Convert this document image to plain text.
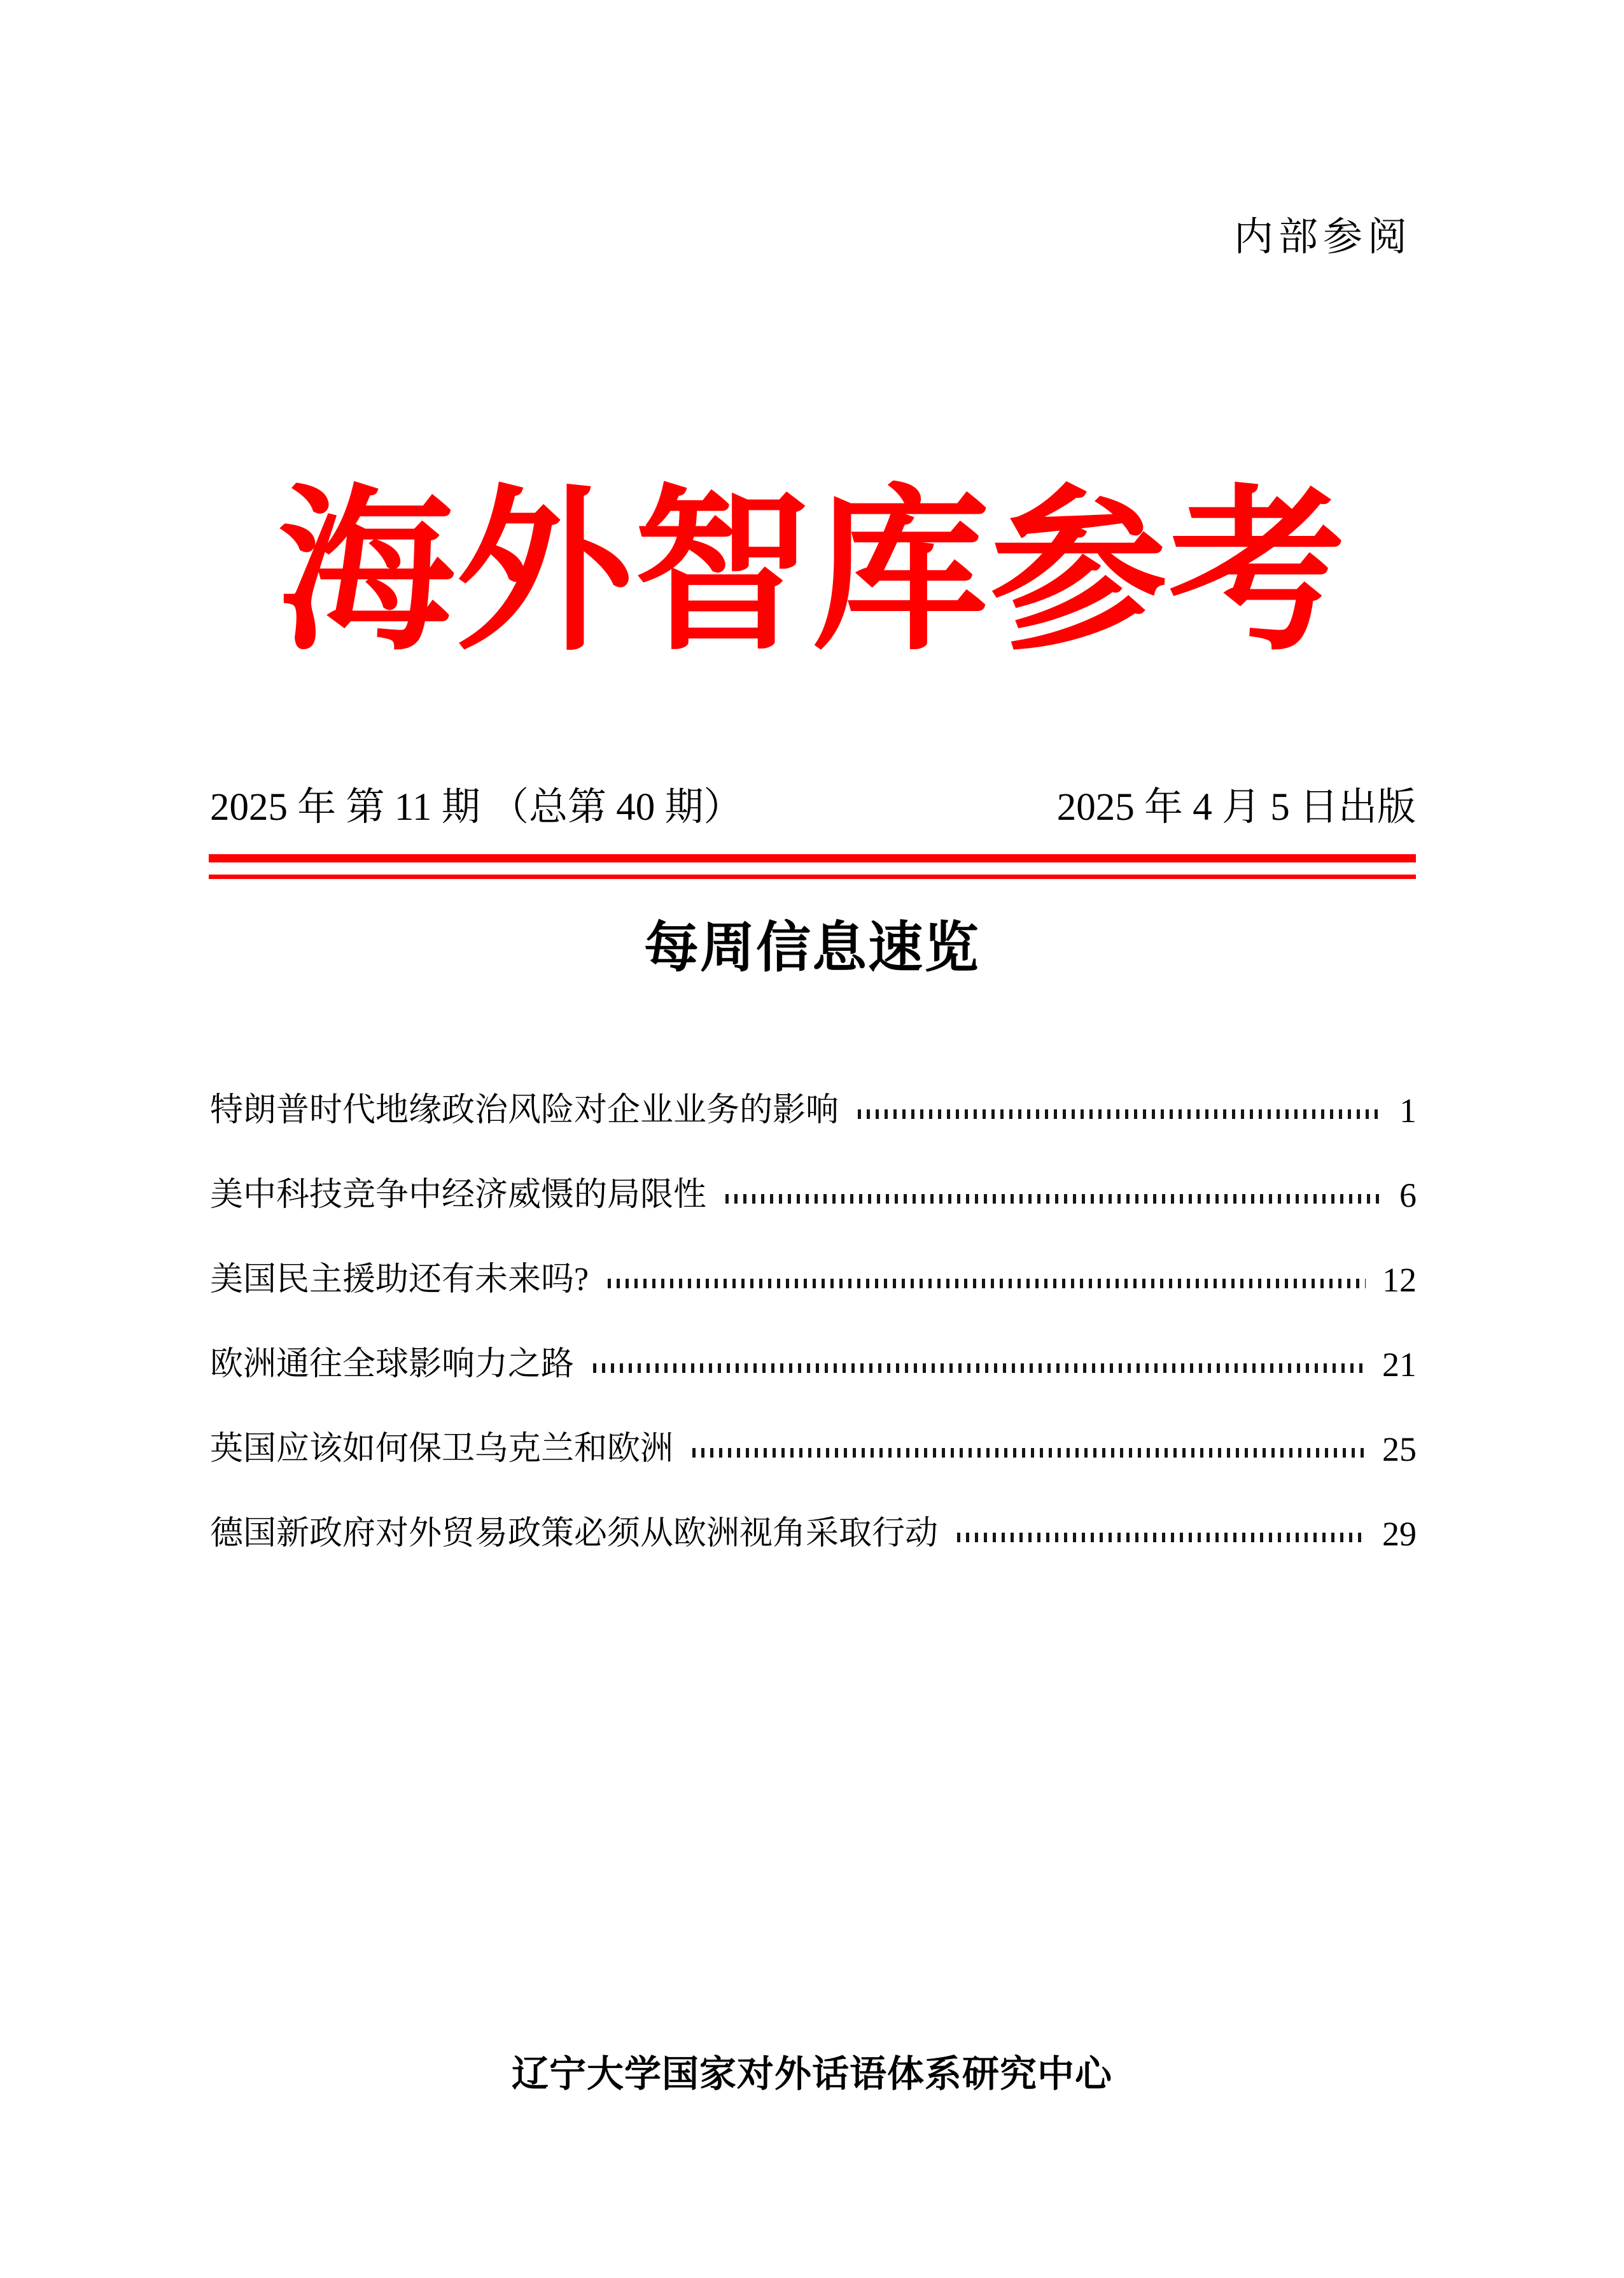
内部参阅
海外智库参考
2025 年 第 11 期 （总第 40 期）	2025 年 4 月 5 日出版
每周信息速览
特朗普时代地缘政治风险对企业业务的影响	1
美中科技竞争中经济威慑的局限性	6
美国民主援助还有未来吗?	12
欧洲通往全球影响力之路	21
英国应该如何保卫乌克兰和欧洲	25
德国新政府对外贸易政策必须从欧洲视角采取行动	29
辽宁大学国家对外话语体系研究中心
